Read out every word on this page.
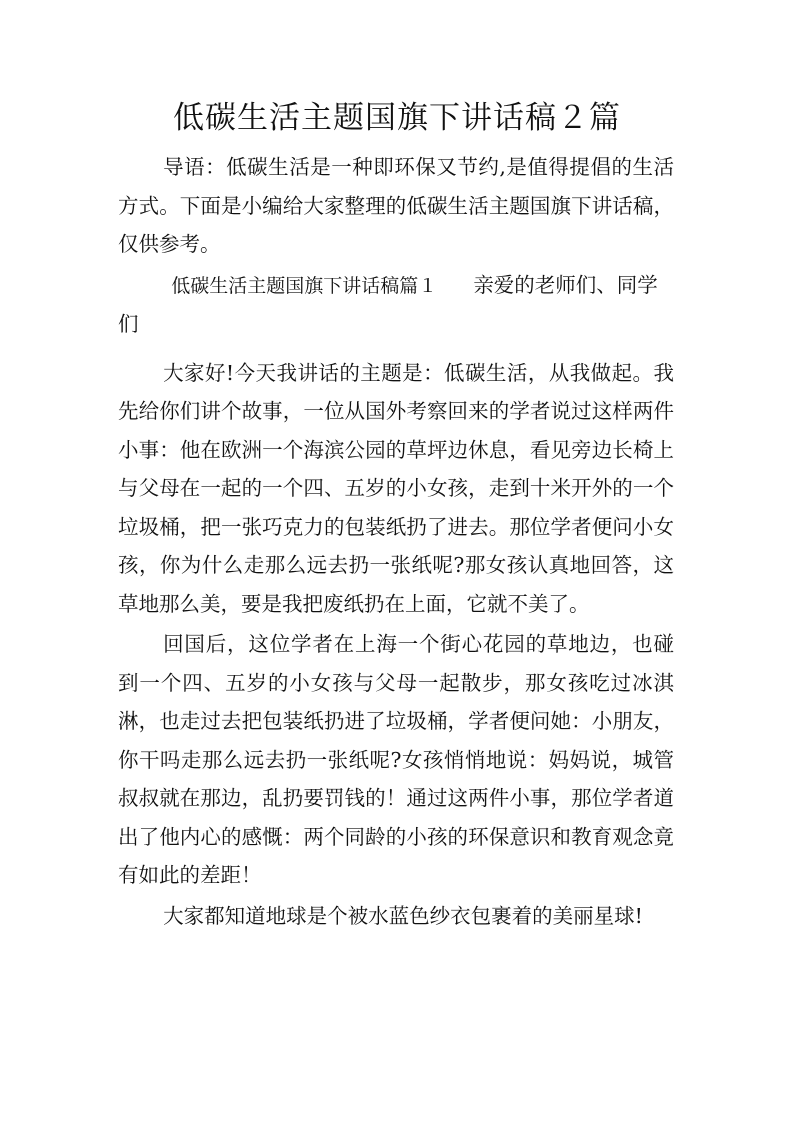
低碳生活主题国旗下讲话稿２篇

导语：低碳生活是一种即环保又节约,是值得提倡的生活方式。下面是小编给大家整理的低碳生活主题国旗下讲话稿，仅供参考。

低碳生活主题国旗下讲话稿篇１ 亲爱的老师们、同学们

大家好!今天我讲话的主题是：低碳生活，从我做起。我先给你们讲个故事，一位从国外考察回来的学者说过这样两件小事：他在欧洲一个海滨公园的草坪边休息，看见旁边长椅上与父母在一起的一个四、五岁的小女孩，走到十米开外的一个垃圾桶，把一张巧克力的包装纸扔了进去。那位学者便问小女孩，你为什么走那么远去扔一张纸呢?那女孩认真地回答，这草地那么美，要是我把废纸扔在上面，它就不美了。

回国后，这位学者在上海一个街心花园的草地边，也碰到一个四、五岁的小女孩与父母一起散步，那女孩吃过冰淇淋，也走过去把包装纸扔进了垃圾桶，学者便问她：小朋友，你干吗走那么远去扔一张纸呢?女孩悄悄地说：妈妈说，城管叔叔就在那边，乱扔要罚钱的！通过这两件小事，那位学者道出了他内心的感慨：两个同龄的小孩的环保意识和教育观念竟有如此的差距！

大家都知道地球是个被水蓝色纱衣包裹着的美丽星球!
